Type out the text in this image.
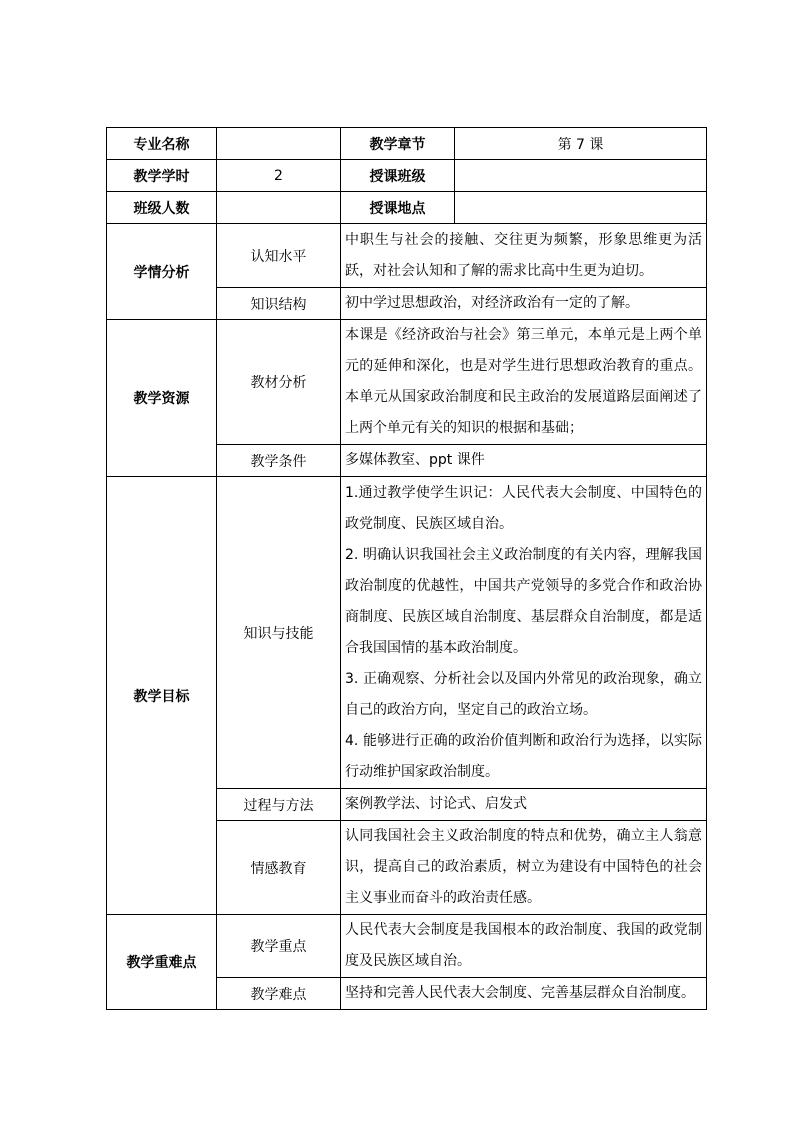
专业名称		教学章节	第 7 课
教学学时	2	授课班级	
班级人数		授课地点	
学情分析	认知水平	中职生与社会的接触、交往更为频繁，形象思维更为活跃，对社会认知和了解的需求比高中生更为迫切。	
	知识结构	初中学过思想政治，对经济政治有一定的了解。	
教学资源	教材分析	本课是《经济政治与社会》第三单元，本单元是上两个单元的延伸和深化，也是对学生进行思想政治教育的重点。本单元从国家政治制度和民主政治的发展道路层面阐述了上两个单元有关的知识的根据和基础；	
	教学条件	多媒体教室、ppt 课件	
教学目标	知识与技能	1.通过教学使学生识记：人民代表大会制度、中国特色的政党制度、民族区域自治。

2. 明确认识我国社会主义政治制度的有关内容，理解我国政治制度的优越性，中国共产党领导的多党合作和政治协商制度、民族区域自治制度、基层群众自治制度，都是适合我国国情的基本政治制度。

3. 正确观察、分析社会以及国内外常见的政治现象，确立自己的政治方向，坚定自己的政治立场。

4. 能够进行正确的政治价值判断和政治行为选择，以实际行动维护国家政治制度。	

	过程与方法	案例教学法、讨论式、启发式	
	情感教育	认同我国社会主义政治制度的特点和优势，确立主人翁意识，提高自己的政治素质，树立为建设有中国特色的社会主义事业而奋斗的政治责任感。	
教学重难点	教学重点	人民代表大会制度是我国根本的政治制度、我国的政党制度及民族区域自治。	
	教学难点	坚持和完善人民代表大会制度、完善基层群众自治制度。	
